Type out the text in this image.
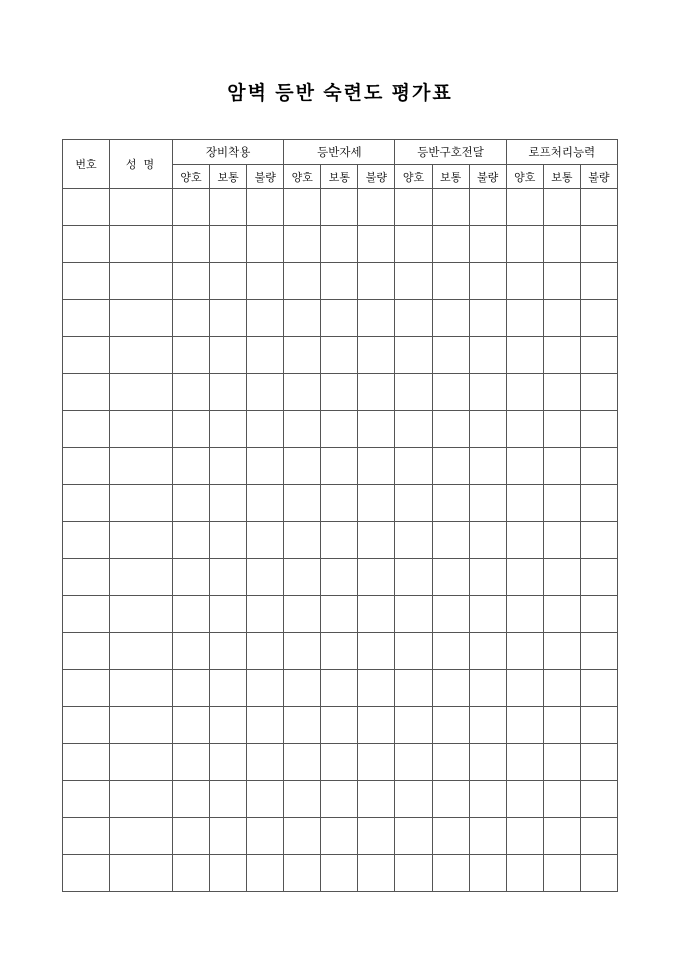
암벽 등반 숙련도 평가표
번호	성 명	장비착용			등반자세			등반구호전달			로프처리능력		
		양호	보통	불량	양호	보통	불량	양호	보통	불량	양호	보통	불량
